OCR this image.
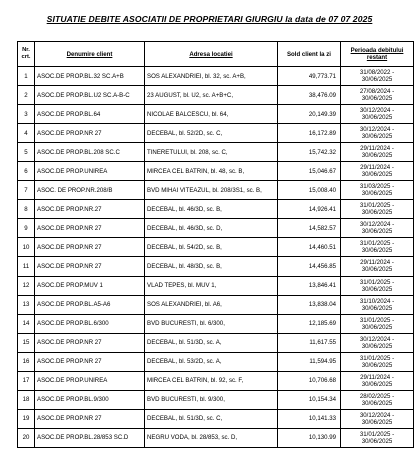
SITUATIE DEBITE ASOCIATII DE PROPRIETARI GIURGIU la data de 07 07 2025
Nr. crt.	Denumire client	Adresa locatiei	Sold client la zi	Perioada debitului restant
1	ASOC.DE PROP.BL.32 SC.A+B	SOS ALEXANDRIEI, bl. 32, sc. A+B,	49,773.71	31/08/2022 -
30/06/2025

2	ASOC.DE PROP.BL.U2 SC.A-B-C	23 AUGUST, bl. U2, sc. A+B+C,	38,476.09	27/08/2024 -
30/06/2025

3	ASOC.DE PROP.BL.64	NICOLAE BALCESCU, bl. 64,	20,149.39	30/12/2024 -
30/06/2025

4	ASOC.DE PROP.NR 27	DECEBAL, bl. 52/2D, sc. C,	16,172.89	30/12/2024 -
30/06/2025

5	ASOC.DE PROP.BL.208 SC.C	TINERETULUI, bl. 208, sc. C,	15,742.32	29/11/2024 -
30/06/2025

6	ASOC.DE PROP.UNIREA	MIRCEA CEL BATRIN, bl. 48, sc. B,	15,046.67	29/11/2024 -
30/06/2025

7	ASOC. DE PROP.NR.208/B	BVD MIHAI VITEAZUL, bl. 208/3S1, sc. B,	15,008.40	31/03/2025 -
30/06/2025

8	ASOC.DE PROP.NR.27	DECEBAL, bl. 46/3D, sc. B,	14,926.41	31/01/2025 -
30/06/2025

9	ASOC.DE PROP.NR 27	DECEBAL, bl. 46/3D, sc. D,	14,582.57	30/12/2024 -
30/06/2025

10	ASOC.DE PROP.NR 27	DECEBAL, bl. 54/2D, sc. B,	14,460.51	31/01/2025 -
30/06/2025

11	ASOC.DE PROP.NR 27	DECEBAL, bl. 48/3D, sc. B,	14,456.85	29/11/2024 -
30/06/2025

12	ASOC.DE PROP.MUV 1	VLAD TEPES, bl. MUV 1,	13,846.41	31/01/2025 -
30/06/2025

13	ASOC.DE PROP.BL.A5-A6	SOS ALEXANDRIEI, bl. A6,	13,838.04	31/10/2024 -
30/06/2025

14	ASOC.DE PROP.BL.6/300	BVD BUCURESTI, bl. 6/300,	12,185.69	31/01/2025 -
30/06/2025

15	ASOC.DE PROP.NR 27	DECEBAL, bl. 51/3D, sc. A,	11,617.55	30/12/2024 -
30/06/2025

16	ASOC.DE PROP.NR 27	DECEBAL, bl. 53/2D, sc. A,	11,594.95	31/01/2025 -
30/06/2025

17	ASOC.DE PROP.UNIREA	MIRCEA CEL BATRIN, bl. 92, sc. F,	10,706.68	29/11/2024 -
30/06/2025

18	ASOC.DE PROP.BL.9/300	BVD BUCURESTI, bl. 9/300,	10,154.34	28/02/2025 -
30/06/2025

19	ASOC.DE PROP.NR 27	DECEBAL, bl. 51/3D, sc. C,	10,141.33	30/12/2024 -
30/06/2025

20	ASOC.DE PROP.BL.28/853 SC.D	NEGRU VODA, bl. 28/853, sc. D,	10,130.99	31/01/2025 -
30/06/2025
